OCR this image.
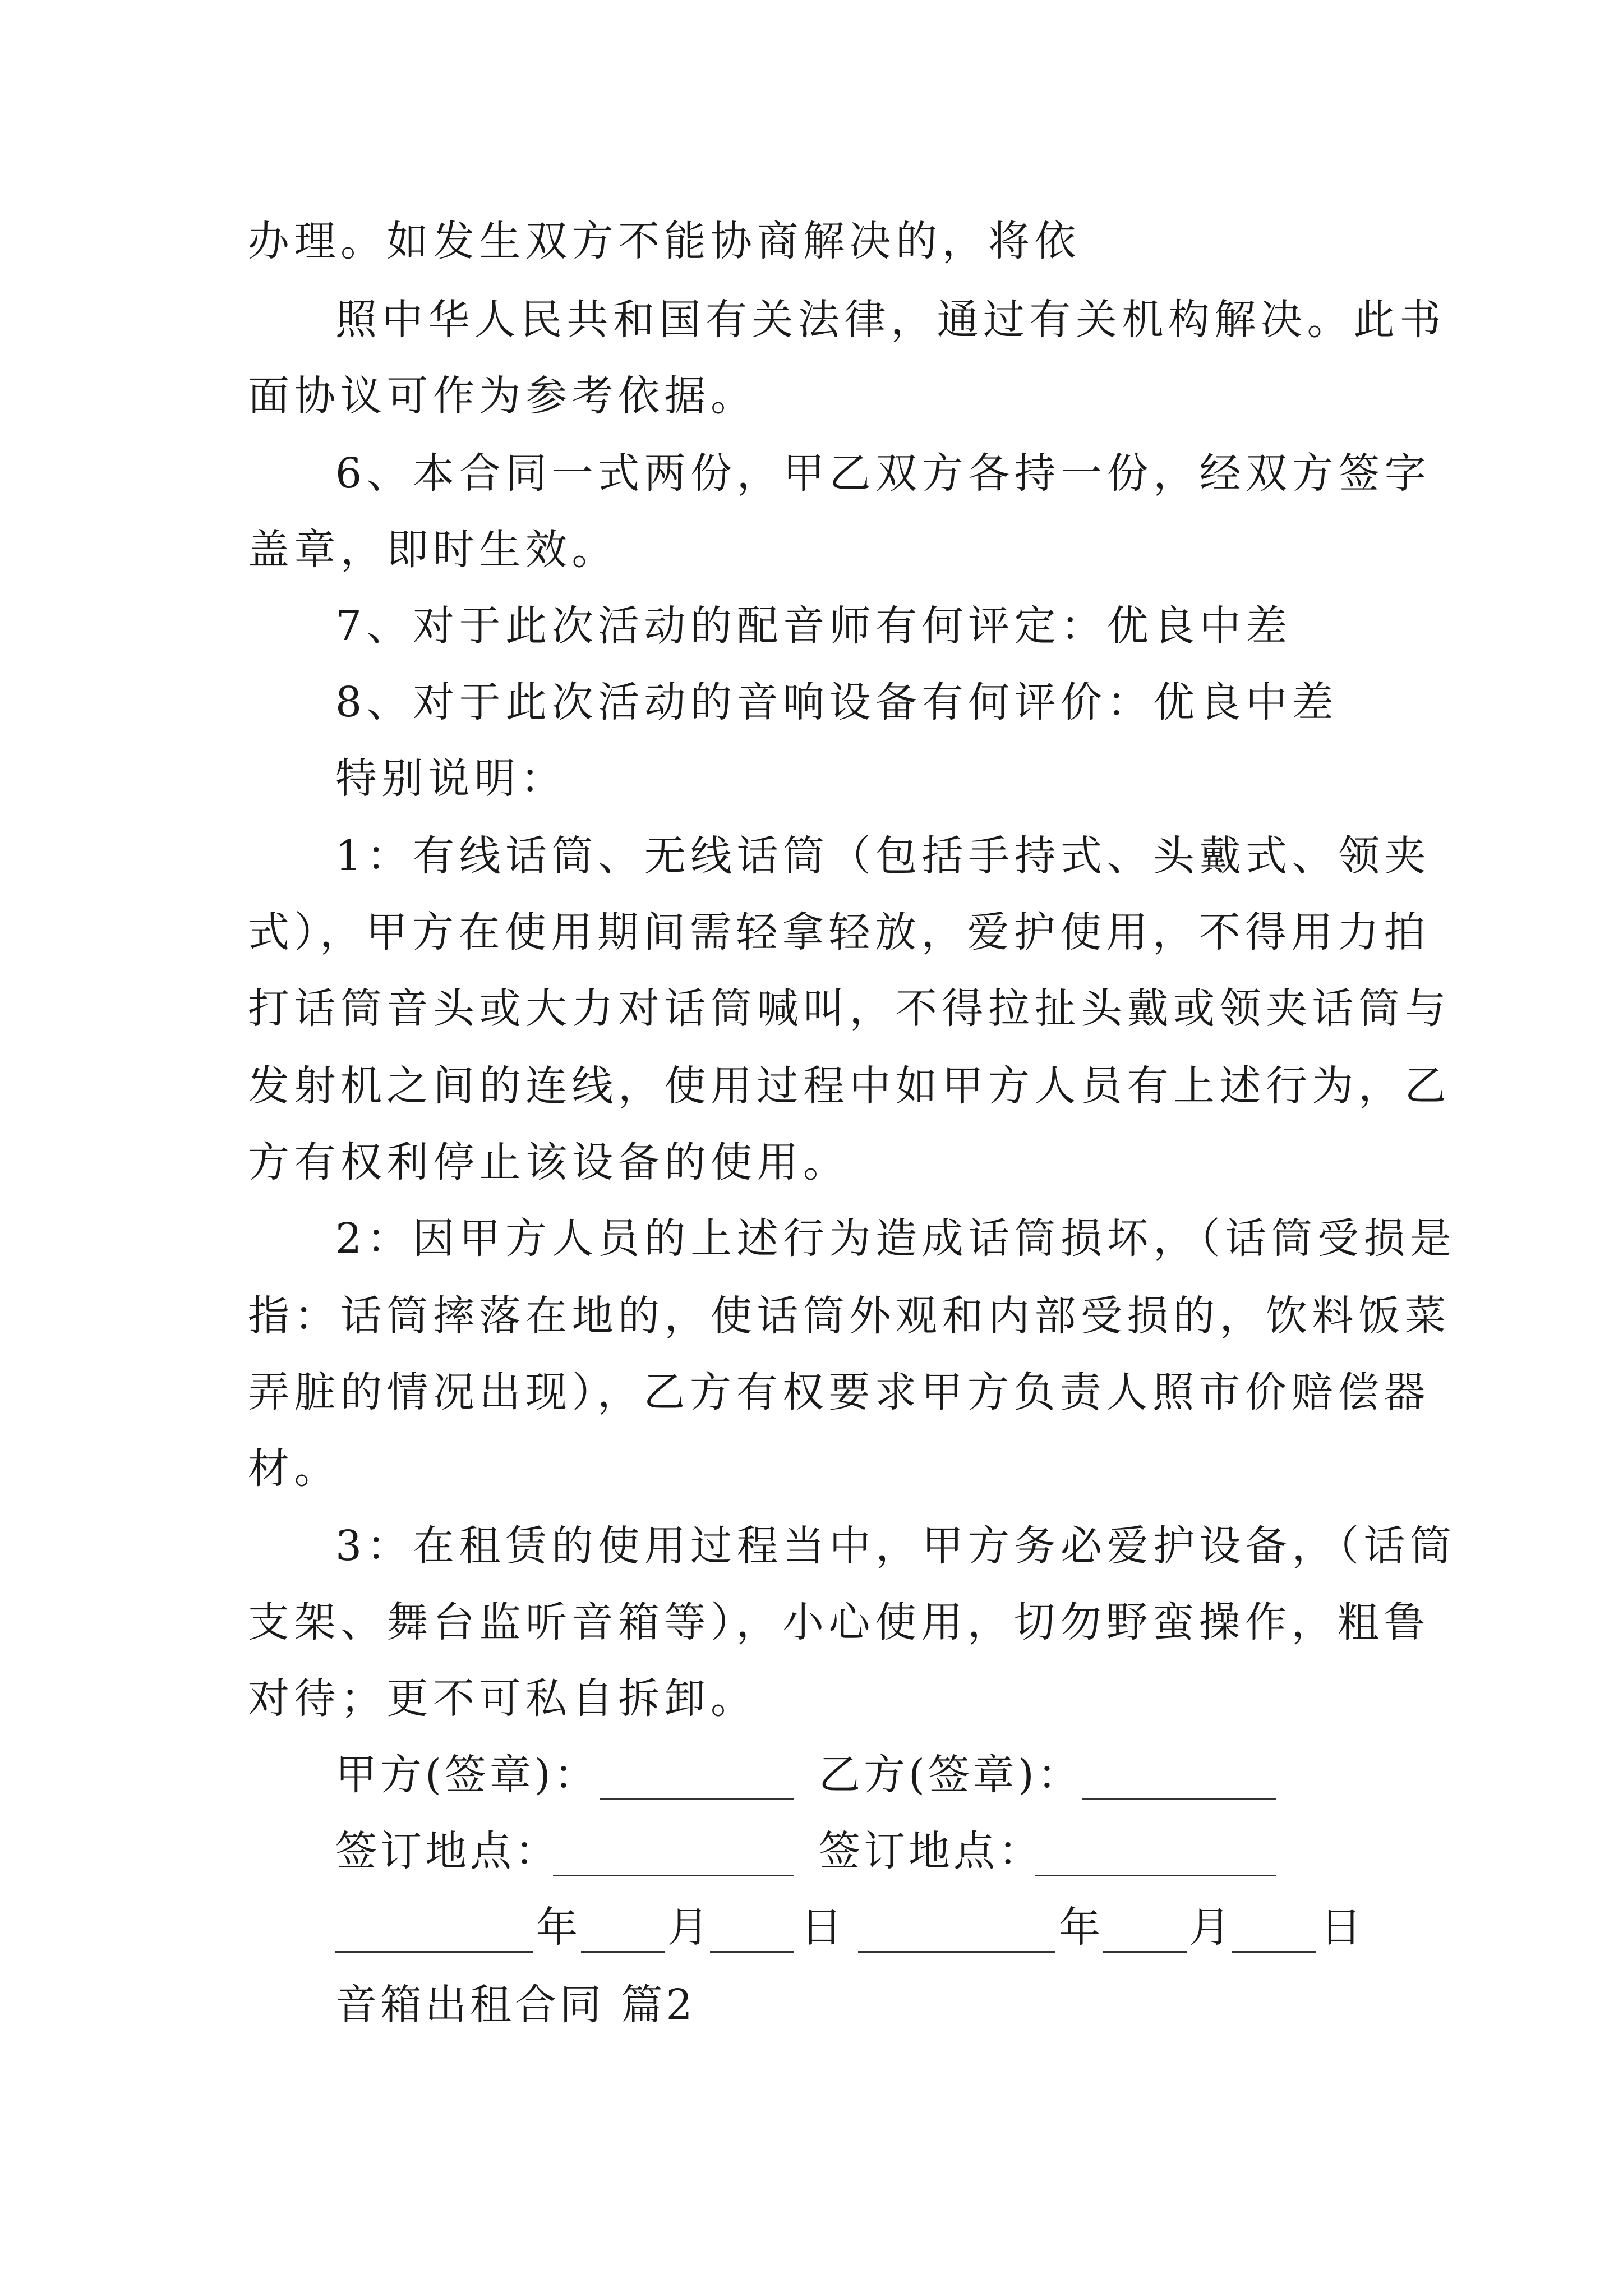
办理。如发生双方不能协商解决的，将依
照中华人民共和国有关法律，通过有关机构解决。此书
面协议可作为参考依据。
6、本合同一式两份，甲乙双方各持一份，经双方签字
盖章，即时生效。
7、对于此次活动的配音师有何评定：优良中差
8、对于此次活动的音响设备有何评价：优良中差
特别说明：
1：有线话筒、无线话筒（包括手持式、头戴式、领夹
式），甲方在使用期间需轻拿轻放，爱护使用，不得用力拍
打话筒音头或大力对话筒喊叫，不得拉扯头戴或领夹话筒与
发射机之间的连线，使用过程中如甲方人员有上述行为，乙
方有权利停止该设备的使用。
2：因甲方人员的上述行为造成话筒损坏，（话筒受损是
指：话筒摔落在地的，使话筒外观和内部受损的，饮料饭菜
弄脏的情况出现），乙方有权要求甲方负责人照市价赔偿器
材。
3：在租赁的使用过程当中，甲方务必爱护设备，（话筒
支架、舞台监听音箱等），小心使用，切勿野蛮操作，粗鲁
对待；更不可私自拆卸。
甲方(签章)：	乙方(签章)：
签订地点：	签订地点：
年 月 日	年 月 日
音箱出租合同 篇2
